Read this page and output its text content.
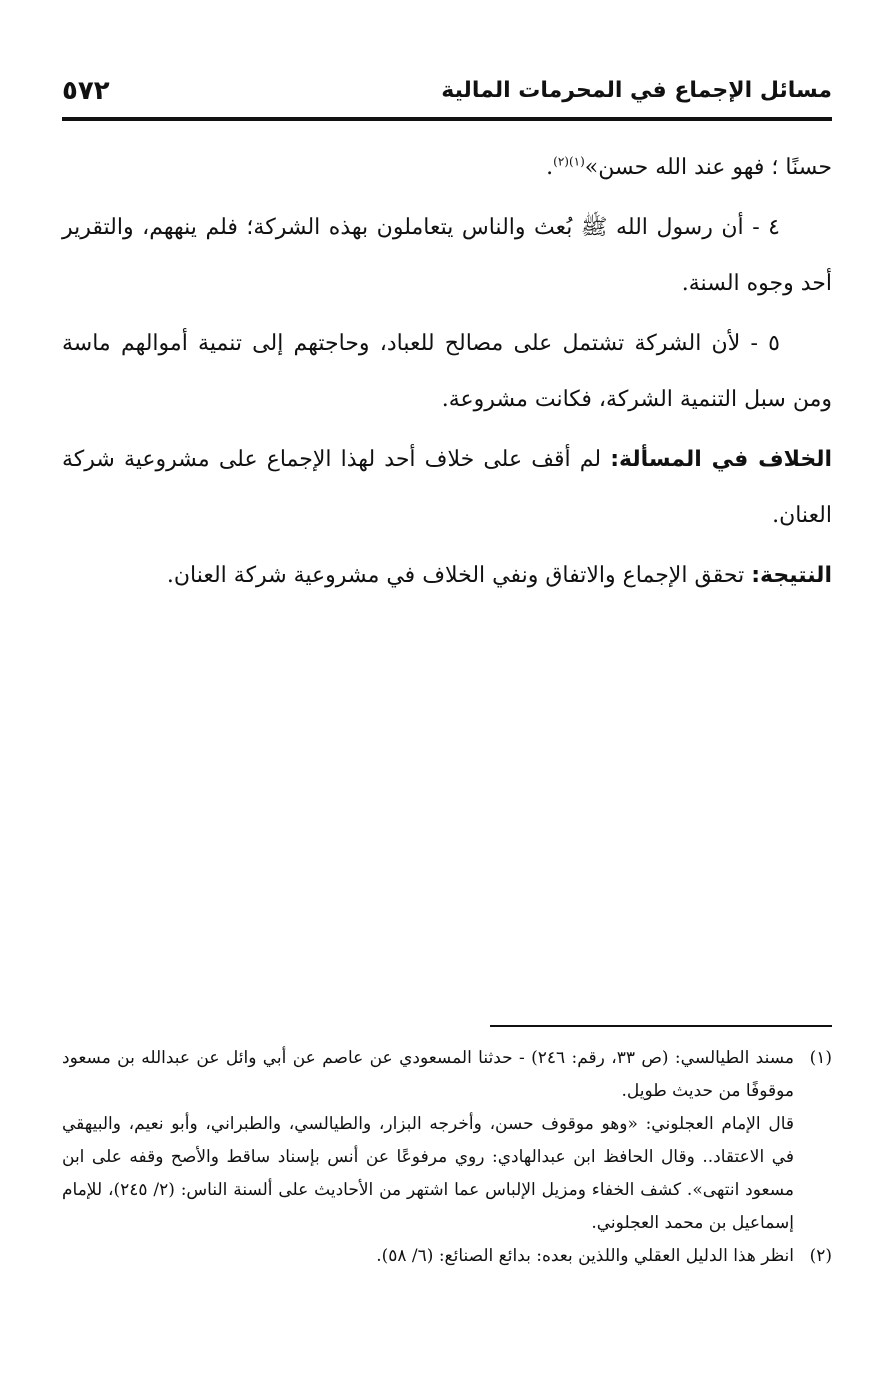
مسائل الإجماع في المحرمات المالية
٥٧٢

حسنًا ؛ فهو عند الله حسن»$^{(١)(٢)}$.

٤ - أن رسول الله ﷺ بُعث والناس يتعاملون بهذه الشركة؛ فلم ينههم، والتقرير أحد وجوه السنة.

٥ - لأن الشركة تشتمل على مصالح للعباد، وحاجتهم إلى تنمية أموالهم ماسة ومن سبل التنمية الشركة، فكانت مشروعة.

الخلاف في المسألة: لم أقف على خلاف أحد لهذا الإجماع على مشروعية شركة العنان.

النتيجة: تحقق الإجماع والاتفاق ونفي الخلاف في مشروعية شركة العنان.

(١)

مسند الطيالسي: (ص ٣٣، رقم: ٢٤٦) - حدثنا المسعودي عن عاصم عن أبي وائل عن عبدالله بن مسعود موقوفًا من حديث طويل.

قال الإمام العجلوني: «وهو موقوف حسن، وأخرجه البزار، والطيالسي، والطبراني، وأبو نعيم، والبيهقي في الاعتقاد.. وقال الحافظ ابن عبدالهادي: روي مرفوعًا عن أنس بإسناد ساقط والأصح وقفه على ابن مسعود انتهى». كشف الخفاء ومزيل الإلباس عما اشتهر من الأحاديث على ألسنة الناس: (٢/ ٢٤٥)، للإمام إسماعيل بن محمد العجلوني.

(٢)

انظر هذا الدليل العقلي واللذين بعده: بدائع الصنائع: (٦/ ٥٨).
